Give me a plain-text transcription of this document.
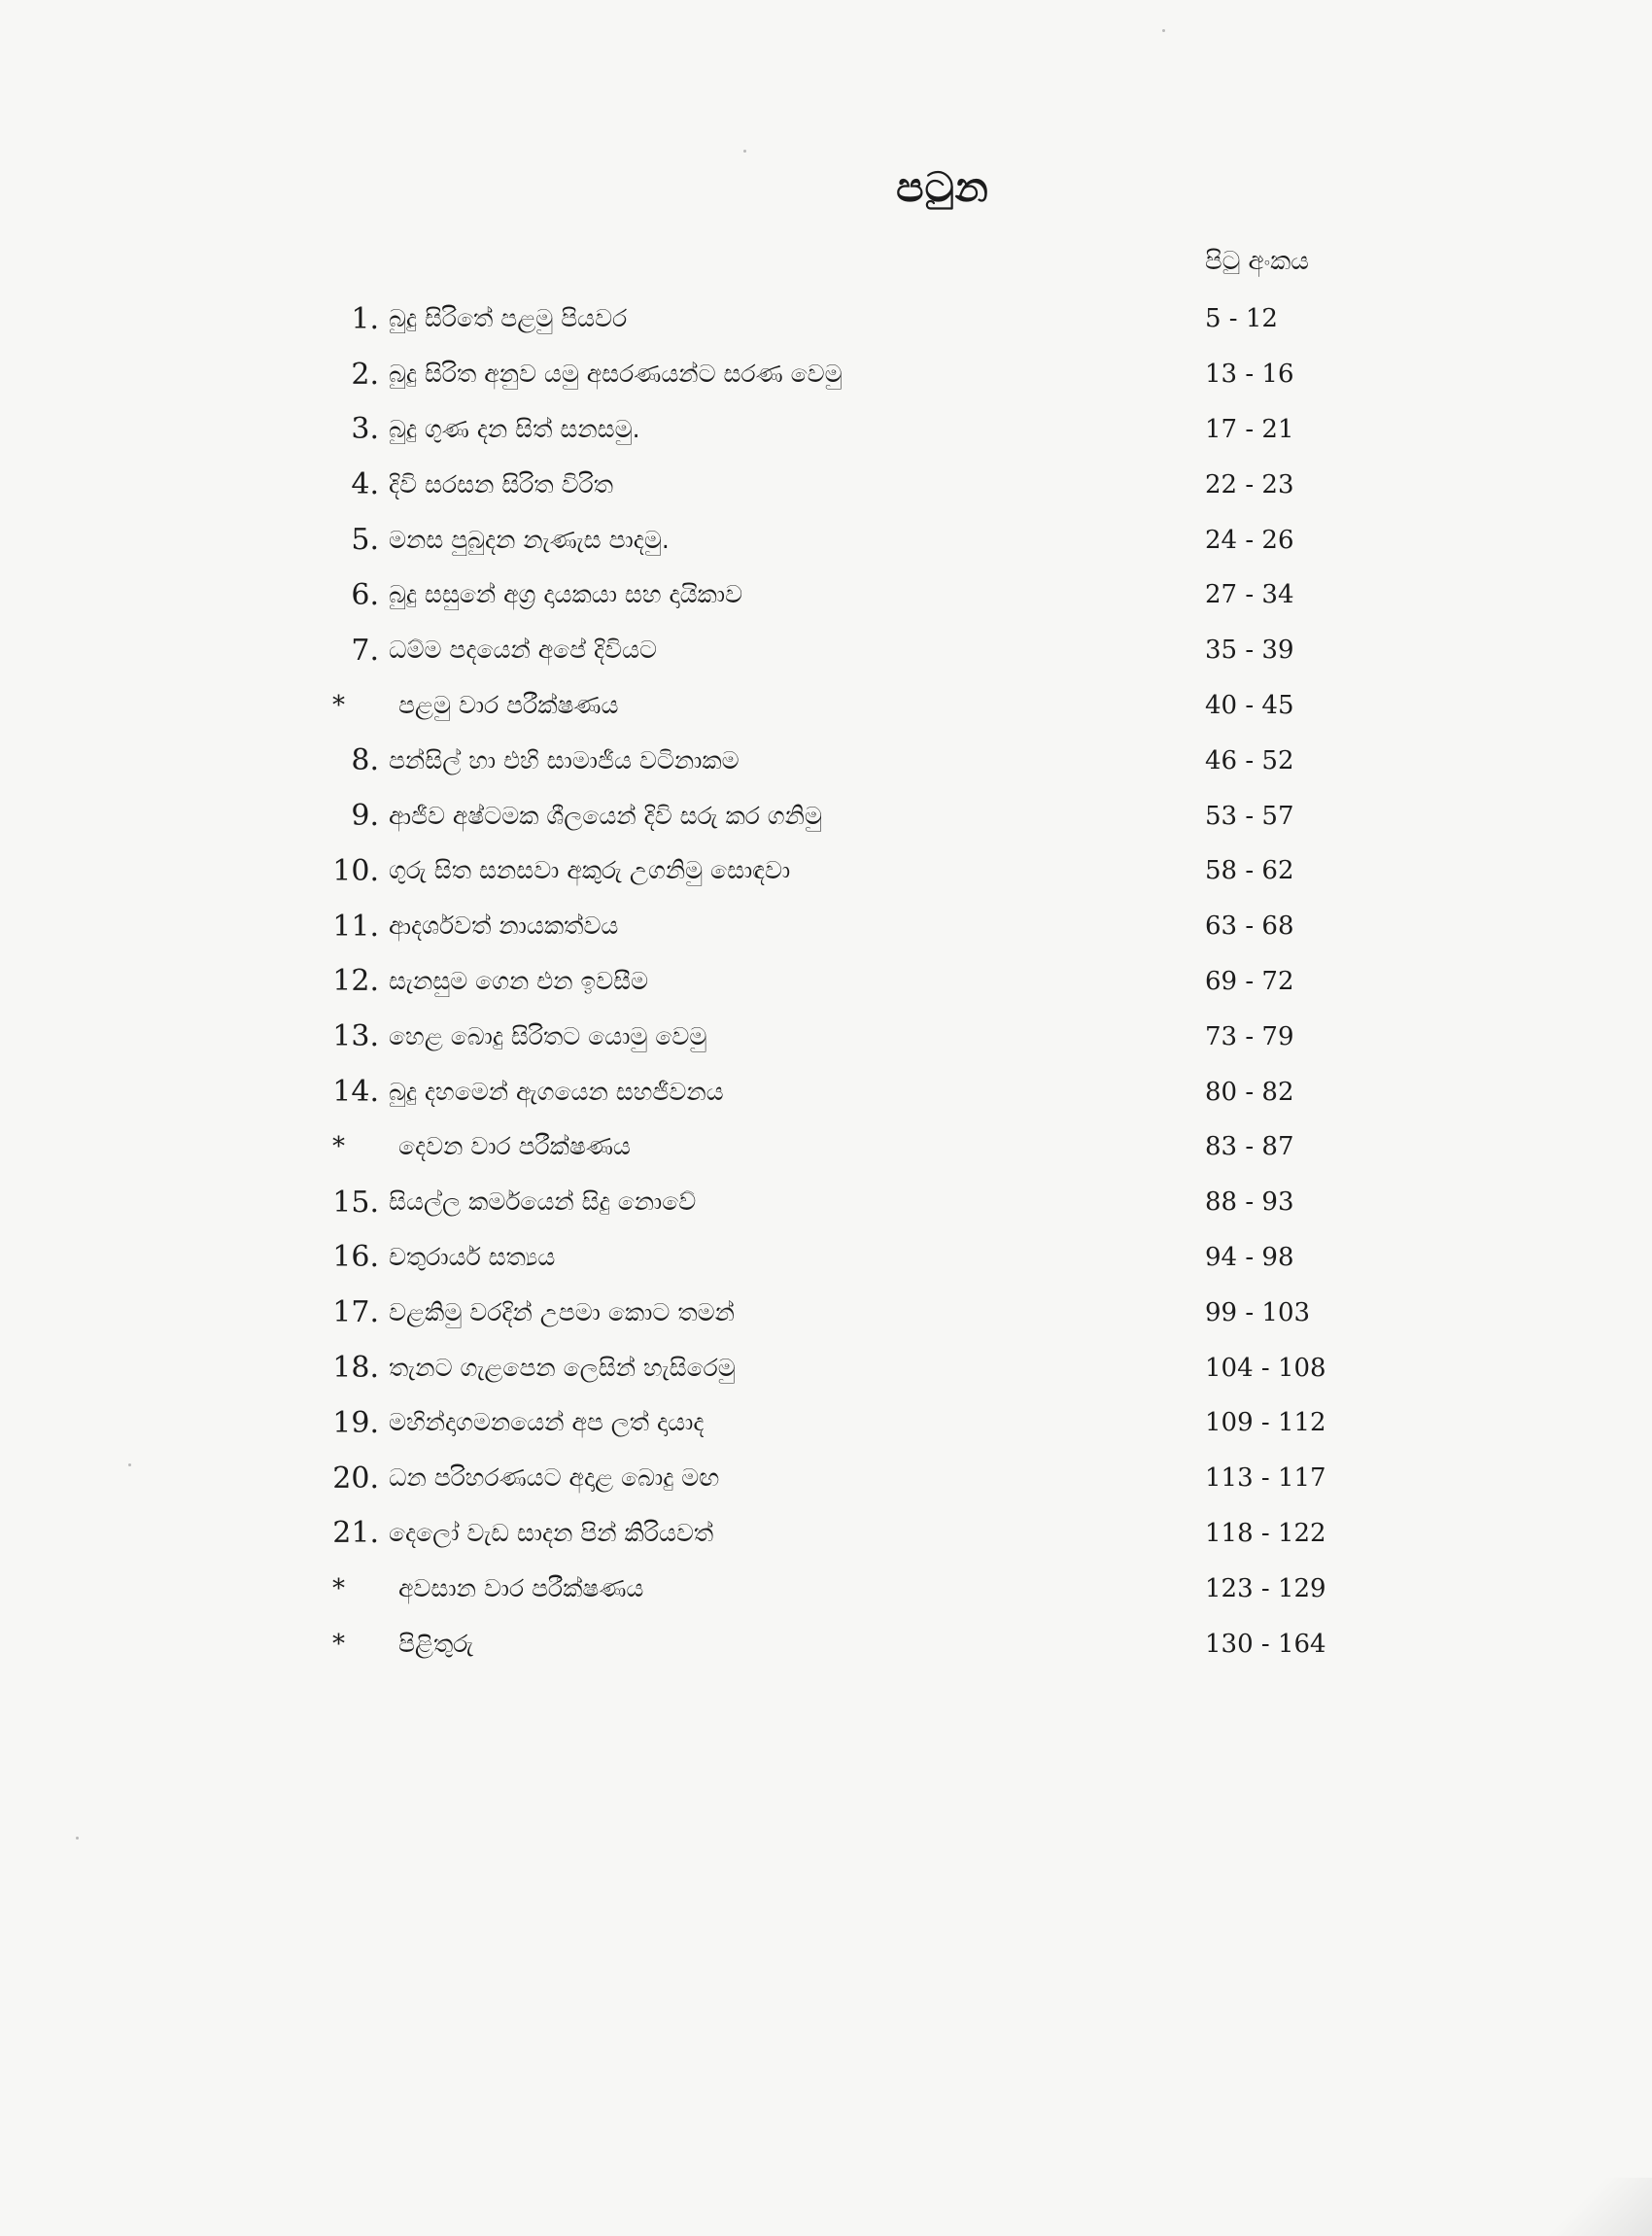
පටුන
පිටු අංකය
1. බුදු සිරිතේ පළමු පියවර	5 - 12
2. බුදු සිරිත අනුව යමු අසරණයන්ට සරණ වෙමු	13 - 16
3. බුදු ගුණ දන සිත් සනසමු.	17 - 21
4. දිවි සරසන සිරිත විරිත	22 - 23
5. මනස පුබුදන නැණැස පාදමු.	24 - 26
6. බුදු සසුනේ අග්‍ර දායකයා සහ දායිකාව	27 - 34
7. ධම්ම පදයෙන් අපේ දිවියට	35 - 39
*	පළමු වාර පරීක්ෂණය	40 - 45
8. පන්සිල් හා එහි සාමාජීය වටිනාකම	46 - 52
9. ආජීව අෂ්ටමක ශීලයෙන් දිවි සරු කර ගනිමු	53 - 57
10. ගුරු සිත සනසවා අකුරු උගනිමු සොඳවා	58 - 62
11. ආදර්ශවත් නායකත්වය	63 - 68
12. සැනසුම ගෙන එන ඉවසීම	69 - 72
13. හෙළ බොදු සිරිතට යොමු වෙමු	73 - 79
14. බුදු දහමෙන් ඇගයෙන සහජීවනය	80 - 82
*	දෙවන වාර පරීක්ෂණය	83 - 87
15. සියල්ල කර්මයෙන් සිදු නොවේ	88 - 93
16. චතුරාර්ය සත්‍යය	94 - 98
17. වළකිමු වරදින් උපමා කොට තමන්	99 - 103
18. තැනට ගැළපෙන ලෙසින් හැසිරෙමු	104 - 108
19. මහින්දාගමනයෙන් අප ලත් දායාද	109 - 112
20. ධන පරිහරණයට අදාළ බොදු මඟ	113 - 117
21. දෙලෝ වැඩ සාදන පින් කිරියවත්	118 - 122
*	අවසාන වාර පරීක්ෂණය	123 - 129
*	පිළිතුරු	130 - 164
